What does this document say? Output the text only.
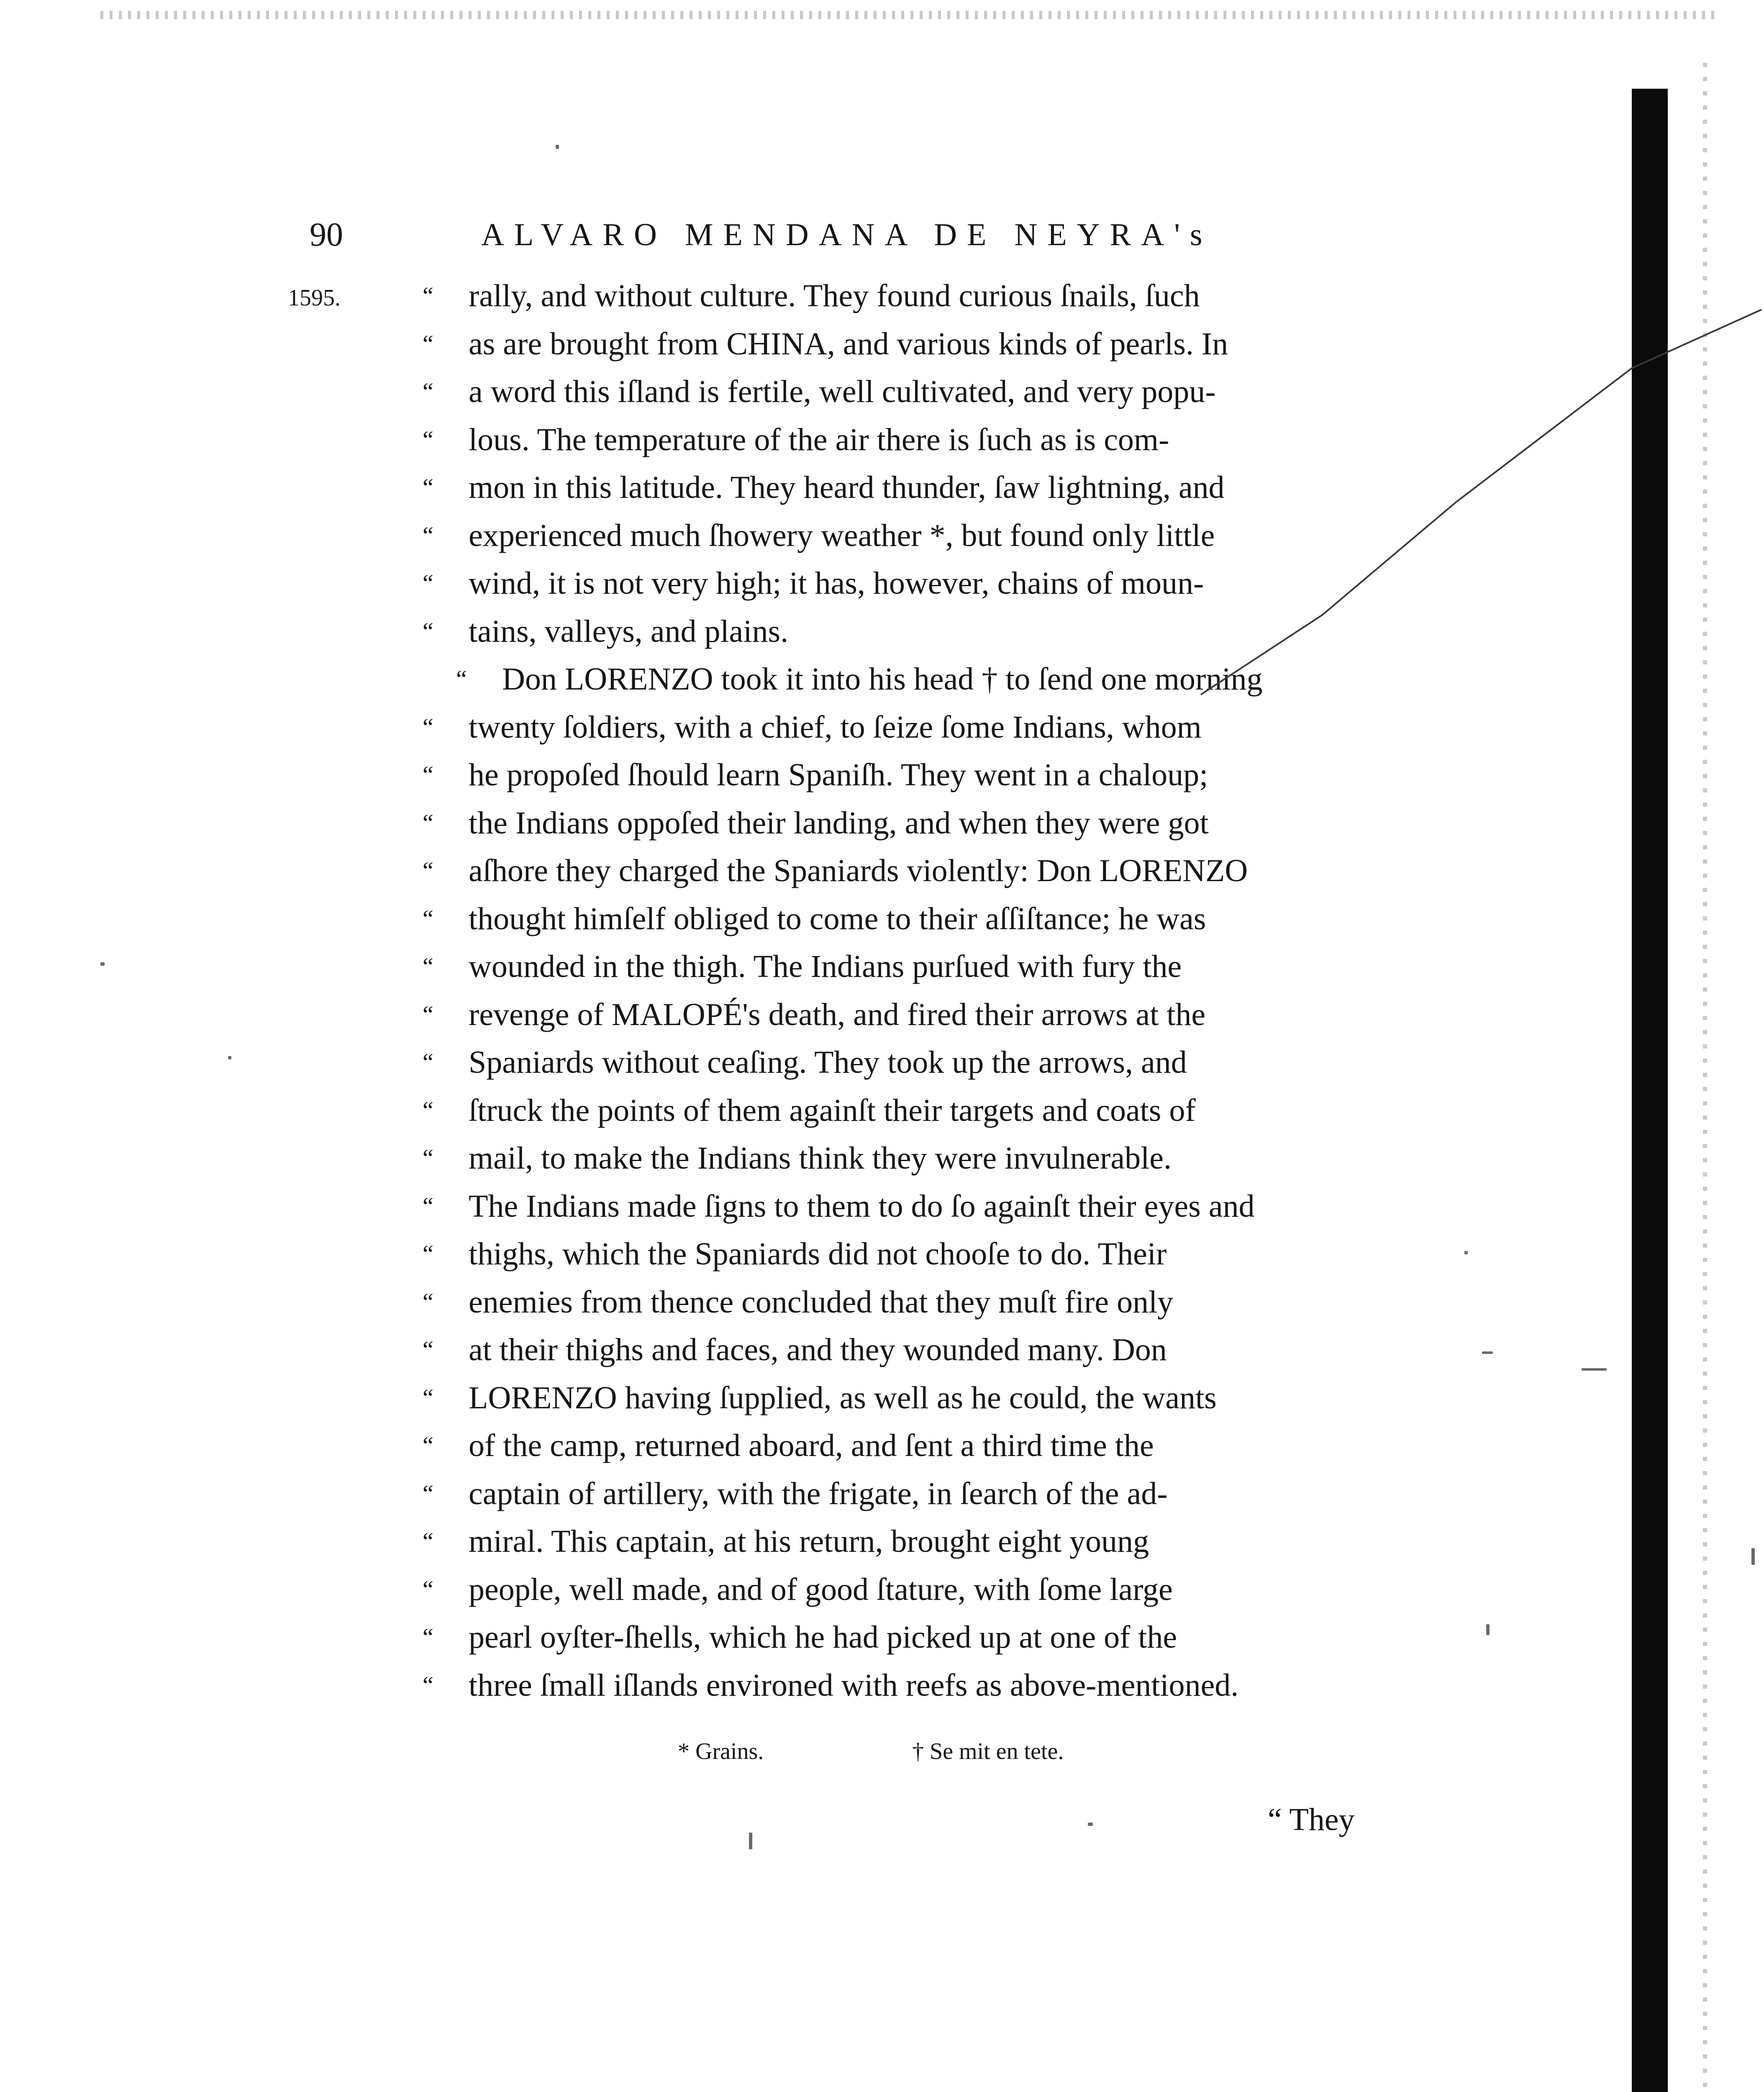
90	ALVARO MENDANA DE NEYRA's
1595.	“ rally, and without culture. They found curious ſnails, ſuch
“ as are brought from CHINA, and various kinds of pearls. In
“ a word this iſland is fertile, well cultivated, and very popu-
“ lous. The temperature of the air there is ſuch as is com-
“ mon in this latitude. They heard thunder, ſaw lightning, and
“ experienced much ſhowery weather *, but found only little
“ wind, it is not very high; it has, however, chains of moun-
“ tains, valleys, and plains.
“ Don LORENZO took it into his head † to ſend one morning
“ twenty ſoldiers, with a chief, to ſeize ſome Indians, whom
“ he propoſed ſhould learn Spaniſh. They went in a chaloup;
“ the Indians oppoſed their landing, and when they were got
“ aſhore they charged the Spaniards violently: Don LORENZO
“ thought himſelf obliged to come to their aſſiſtance; he was
“ wounded in the thigh. The Indians purſued with fury the
“ revenge of MALOPÉ's death, and fired their arrows at the
“ Spaniards without ceaſing. They took up the arrows, and
“ ſtruck the points of them againſt their targets and coats of
“ mail, to make the Indians think they were invulnerable.
“ The Indians made ſigns to them to do ſo againſt their eyes and
“ thighs, which the Spaniards did not chooſe to do. Their
“ enemies from thence concluded that they muſt fire only
“ at their thighs and faces, and they wounded many. Don
“ LORENZO having ſupplied, as well as he could, the wants
“ of the camp, returned aboard, and ſent a third time the
“ captain of artillery, with the frigate, in ſearch of the ad-
“ miral. This captain, at his return, brought eight young
“ people, well made, and of good ſtature, with ſome large
“ pearl oyſter-ſhells, which he had picked up at one of the
“ three ſmall iſlands environed with reefs as above-mentioned.
* Grains.	† Se mit en tete.
“ They
